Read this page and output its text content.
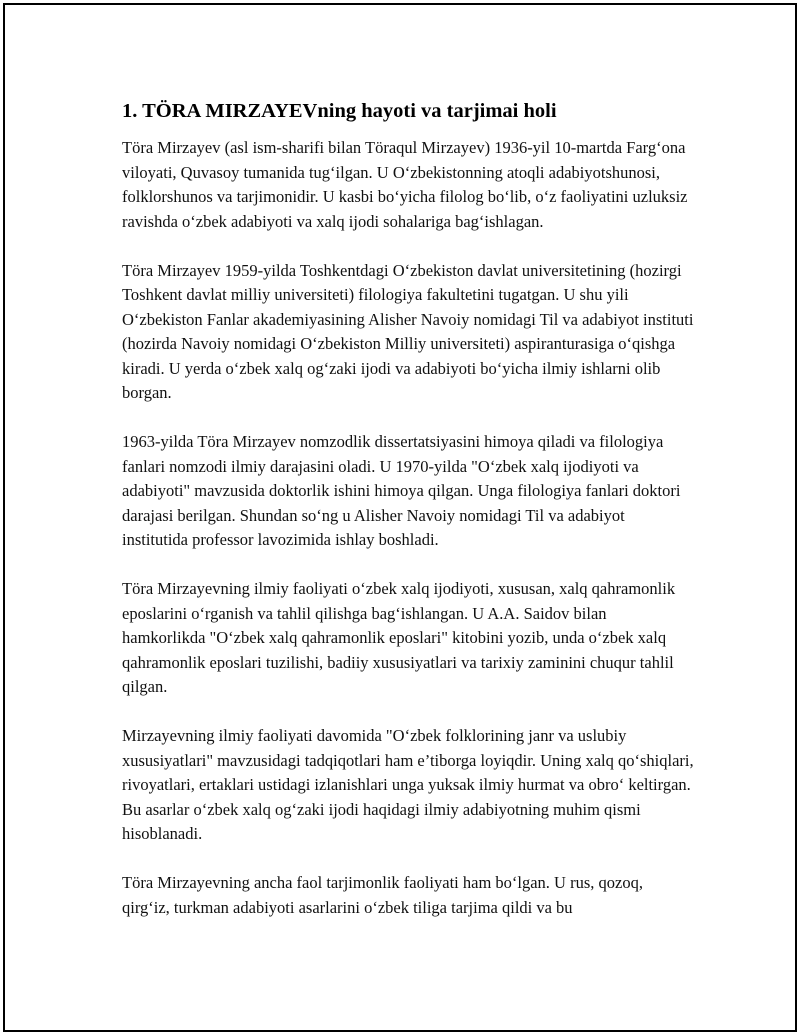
1. TÖRA MIRZAYEVning hayoti va tarjimai holi

Töra Mirzayev (asl ism-sharifi bilan Töraqul Mirzayev) 1936-yil 10-martda Farg‘ona viloyati, Quvasoy tumanida tug‘ilgan. U O‘zbekistonning atoqli adabiyotshunosi, folklorshunos va tarjimonidir. U kasbi bo‘yicha filolog bo‘lib, o‘z faoliyatini uzluksiz ravishda o‘zbek adabiyoti va xalq ijodi sohalariga bag‘ishlagan.

Töra Mirzayev 1959-yilda Toshkentdagi O‘zbekiston davlat universitetining (hozirgi Toshkent davlat milliy universiteti) filologiya fakultetini tugatgan. U shu yili O‘zbekiston Fanlar akademiyasining Alisher Navoiy nomidagi Til va adabiyot instituti (hozirda Navoiy nomidagi O‘zbekiston Milliy universiteti) aspiranturasiga o‘qishga kiradi. U yerda o‘zbek xalq og‘zaki ijodi va adabiyoti bo‘yicha ilmiy ishlarni olib borgan.

1963-yilda Töra Mirzayev nomzodlik dissertatsiyasini himoya qiladi va filologiya fanlari nomzodi ilmiy darajasini oladi. U 1970-yilda "O‘zbek xalq ijodiyoti va adabiyoti" mavzusida doktorlik ishini himoya qilgan. Unga filologiya fanlari doktori darajasi berilgan. Shundan so‘ng u Alisher Navoiy nomidagi Til va adabiyot institutida professor lavozimida ishlay boshladi.

Töra Mirzayevning ilmiy faoliyati o‘zbek xalq ijodiyoti, xususan, xalq qahramonlik eposlarini o‘rganish va tahlil qilishga bag‘ishlangan. U A.A. Saidov bilan hamkorlikda "O‘zbek xalq qahramonlik eposlari" kitobini yozib, unda o‘zbek xalq qahramonlik eposlari tuzilishi, badiiy xususiyatlari va tarixiy zaminini chuqur tahlil qilgan.

Mirzayevning ilmiy faoliyati davomida "O‘zbek folklorining janr va uslubiy xususiyatlari" mavzusidagi tadqiqotlari ham e’tiborga loyiqdir. Uning xalq qo‘shiqlari, rivoyatlari, ertaklari ustidagi izlanishlari unga yuksak ilmiy hurmat va obro‘ keltirgan. Bu asarlar o‘zbek xalq og‘zaki ijodi haqidagi ilmiy adabiyotning muhim qismi hisoblanadi.

Töra Mirzayevning ancha faol tarjimonlik faoliyati ham bo‘lgan. U rus, qozoq, qirg‘iz, turkman adabiyoti asarlarini o‘zbek tiliga tarjima qildi va bu
